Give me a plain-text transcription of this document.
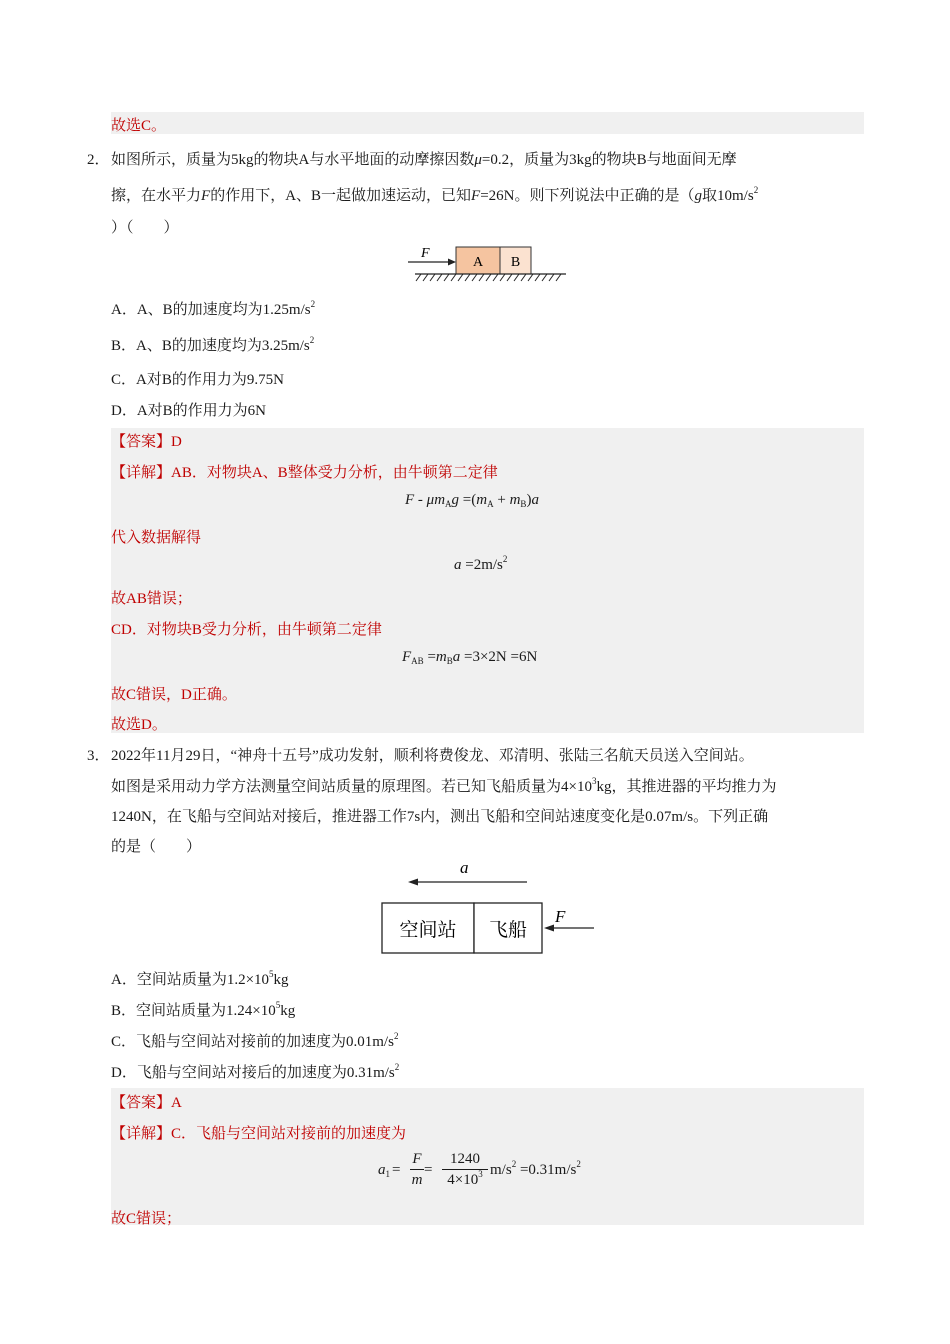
故选C。
2． 如图所示，质量为5kg的物块A与水平地面的动摩擦因数μ=0.2，质量为3kg的物块B与地面间无摩
擦，在水平力F的作用下，A、B一起做加速运动，已知F=26N。则下列说法中正确的是（g取$10m/s^2$
）（　　）
F
A B
A．A、B的加速度均为$1.25m/s^2$
B．A、B的加速度均为$3.25m/s^2$
C．A对B的作用力为9.75N
D．A对B的作用力为6N
【答案】D
【详解】AB．对物块A、B整体受力分析，由牛顿第二定律
$F - \mu m_Ag =(m_A + m_B)a$
代入数据解得
$a =2m/s^2$
故AB错误；
CD．对物块B受力分析，由牛顿第二定律
$F_{AB} =m_Ba =3\times 2N =6N$
故C错误，D正确。
故选D。
3． 2022年11月29日，“神舟十五号”成功发射，顺利将费俊龙、邓清明、张陆三名航天员送入空间站。
如图是采用动力学方法测量空间站质量的原理图。若已知飞船质量为$4\times 10^3kg$，其推进器的平均推力为
1240N，在飞船与空间站对接后，推进器工作7s内，测出飞船和空间站速度变化是0.07m/s。下列正确
的是（　　）
a
空间站 飞船
F
A．空间站质量为$1.2\times 10^5kg$
B．空间站质量为$1.24\times 10^5kg$
C．飞船与空间站对接前的加速度为$0.01m/s^2$
D．飞船与空间站对接后的加速度为$0.31m/s^2$
【答案】A
【详解】C．飞船与空间站对接前的加速度为
$a_1$ =
F
m
=
1240
$4\times 10^3$ $m/s^2 =0.31m/s^2$
故C错误；
